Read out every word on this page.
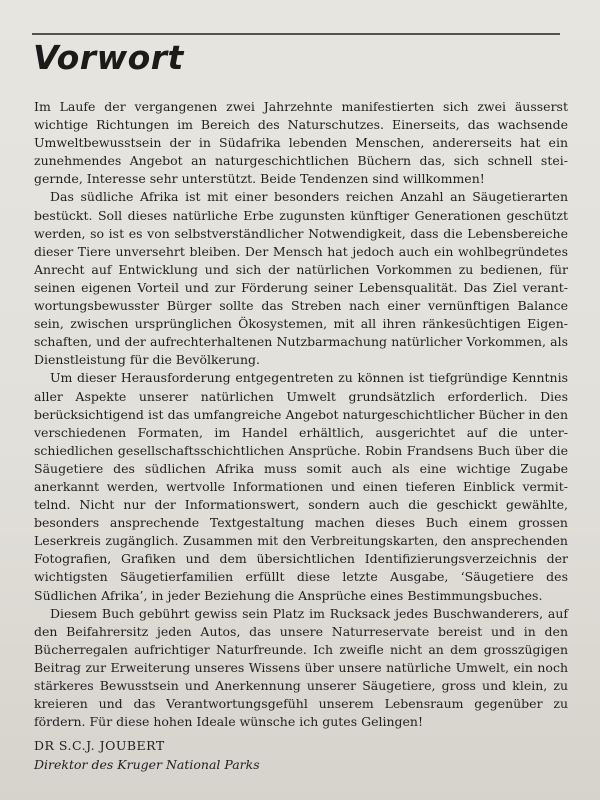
Vorwort

Im Laufe der vergangenen zwei Jahrzehnte manifestierten sich zwei äusserst wichtige Richtungen im Bereich des Naturschutzes. Einerseits, das wachsende Umweltbewusstsein der in Südafrika lebenden Menschen, andererseits hat ein zunehmendes Angebot an naturgeschichtlichen Büchern das, sich schnell steigernde, Interesse sehr unterstützt. Beide Tendenzen sind willkommen!

Das südliche Afrika ist mit einer besonders reichen Anzahl an Säugetierarten bestückt. Soll dieses natürliche Erbe zugunsten künftiger Generationen geschützt werden, so ist es von selbstverständlicher Notwendigkeit, dass die Lebensbereiche dieser Tiere unversehrt bleiben. Der Mensch hat jedoch auch ein wohlbegründetes Anrecht auf Entwicklung und sich der natürlichen Vorkommen zu bedienen, für seinen eigenen Vorteil und zur Förderung seiner Lebensqualität. Das Ziel verantwortungsbewusster Bürger sollte das Streben nach einer vernünftigen Balance sein, zwischen ursprünglichen Ökosystemen, mit all ihren ränkesüchtigen Eigenschaften, und der aufrechterhaltenen Nutzbarmachung natürlicher Vorkommen, als Dienstleistung für die Bevölkerung.

Um dieser Herausforderung entgegentreten zu können ist tiefgründige Kenntnis aller Aspekte unserer natürlichen Umwelt grundsätzlich erforderlich. Dies berücksichtigend ist das umfangreiche Angebot naturgeschichtlicher Bücher in den verschiedenen Formaten, im Handel erhältlich, ausgerichtet auf die unterschiedlichen gesellschaftsschichtlichen Ansprüche. Robin Frandsens Buch über die Säugetiere des südlichen Afrika muss somit auch als eine wichtige Zugabe anerkannt werden, wertvolle Informationen und einen tieferen Einblick vermittelnd. Nicht nur der Informationswert, sondern auch die geschickt gewählte, besonders ansprechende Textgestaltung machen dieses Buch einem grossen Leserkreis zugänglich. Zusammen mit den Verbreitungskarten, den ansprechenden Fotografien, Grafiken und dem übersichtlichen Identifizierungsverzeichnis der wichtigsten Säugetierfamilien erfüllt diese letzte Ausgabe, ‘Säugetiere des Südlichen Afrika’, in jeder Beziehung die Ansprüche eines Bestimmungsbuches.

Diesem Buch gebührt gewiss sein Platz im Rucksack jedes Buschwanderers, auf den Beifahrersitz jeden Autos, das unsere Naturreservate bereist und in den Bücherregalen aufrichtiger Naturfreunde. Ich zweifle nicht an dem grosszügigen Beitrag zur Erweiterung unseres Wissens über unsere natürliche Umwelt, ein noch stärkeres Bewusstsein und Anerkennung unserer Säugetiere, gross und klein, zu kreieren und das Verantwortungsgefühl unserem Lebensraum gegenüber zu fördern. Für diese hohen Ideale wünsche ich gutes Gelingen!

DR S.C.J. JOUBERT
Direktor des Kruger National Parks
